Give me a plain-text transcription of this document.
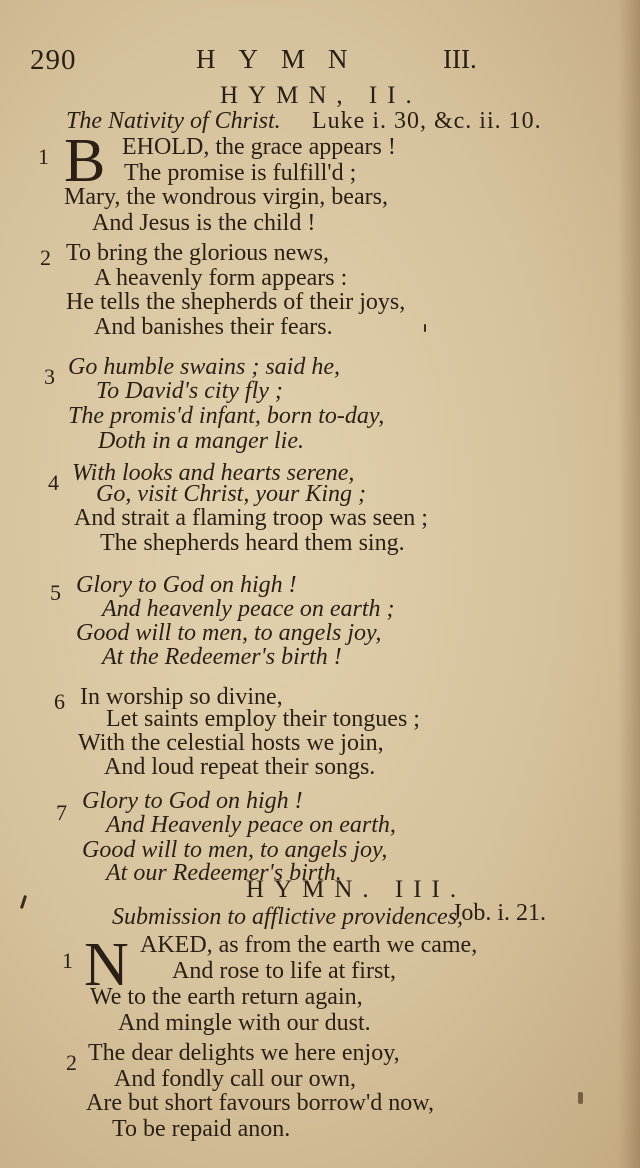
290	HYMN	III.
HYMN, II.
The Nativity of Christ. Luke i. 30, &c. ii. 10.
1 B EHOLD, the grace appears !
The promise is fulfill'd ;
Mary, the wondrous virgin, bears,
And Jesus is the child !
2 To bring the glorious news,
A heavenly form appears :
He tells the shepherds of their joys,
And banishes their fears.
3 Go humble swains ; said he,
To David's city fly ;
The promis'd infant, born to-day,
Doth in a manger lie.
4 With looks and hearts serene,
Go, visit Christ, your King ;
And strait a flaming troop was seen ;
The shepherds heard them sing.
5 Glory to God on high !
And heavenly peace on earth ;
Good will to men, to angels joy,
At the Redeemer's birth !
6 In worship so divine,
Let saints employ their tongues ;
With the celestial hosts we join,
And loud repeat their songs.
7 Glory to God on high !
And Heavenly peace on earth,
Good will to men, to angels joy,
At our Redeemer's birth.
HYMN. III.
Submission to afflictive providences,
Job. i. 21.
1 N AKED, as from the earth we came,
And rose to life at first,
We to the earth return again,
And mingle with our dust.
2 The dear delights we here enjoy,
And fondly call our own,
Are but short favours borrow'd now,
To be repaid anon.
